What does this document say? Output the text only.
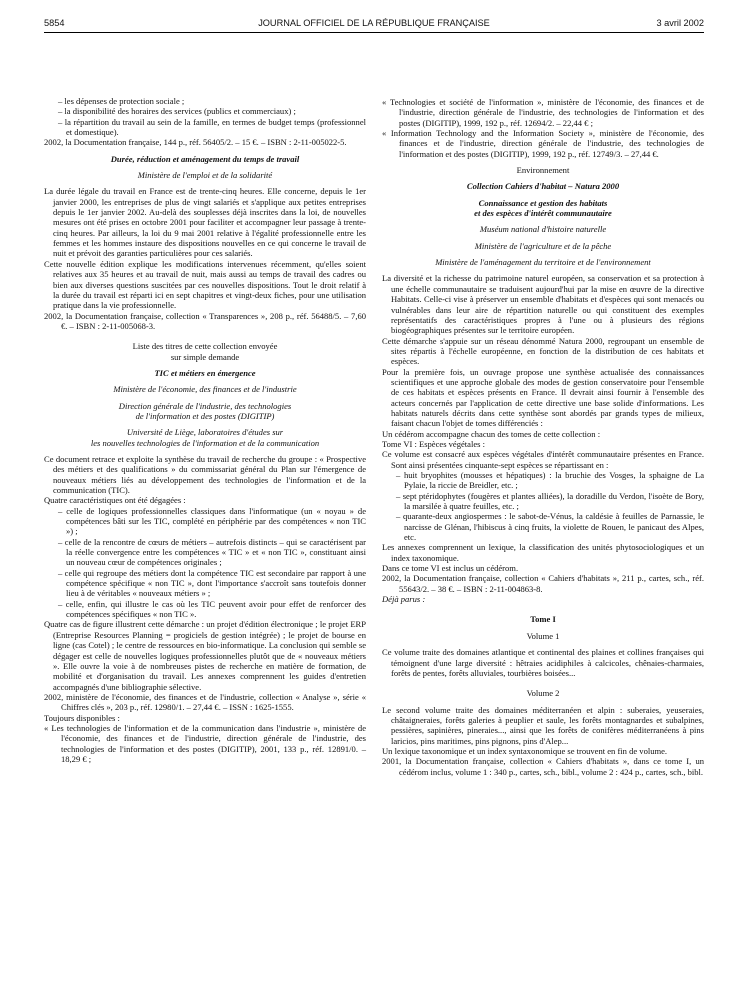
5854	JOURNAL OFFICIEL DE LA RÉPUBLIQUE FRANÇAISE	3 avril 2002

– les dépenses de protection sociale ;

– la disponibilité des horaires des services (publics et commerciaux) ;

– la répartition du travail au sein de la famille, en termes de budget temps (professionnel et domestique).

2002, la Documentation française, 144 p., réf. 56405/2. – 15 €. – ISBN : 2-11-005022-5.

Durée, réduction et aménagement du temps de travail

Ministère de l'emploi et de la solidarité

La durée légale du travail en France est de trente-cinq heures. Elle concerne, depuis le 1er janvier 2000, les entreprises de plus de vingt salariés et s'applique aux petites entreprises depuis le 1er janvier 2002. Au-delà des souplesses déjà inscrites dans la loi, de nouvelles mesures ont été prises en octobre 2001 pour faciliter et accompagner leur passage à trente-cinq heures. Par ailleurs, la loi du 9 mai 2001 relative à l'égalité professionnelle entre les femmes et les hommes instaure des dispositions nouvelles en ce qui concerne le travail de nuit et prévoit des garanties particulières pour ces salariés.

Cette nouvelle édition explique les modifications intervenues récemment, qu'elles soient relatives aux 35 heures et au travail de nuit, mais aussi au temps de travail des cadres ou bien aux diverses questions suscitées par ces nouvelles dispositions. Tout le droit relatif à la durée du travail est réparti ici en sept chapitres et vingt-deux fiches, pour une utilisation pratique dans la vie professionnelle.

2002, la Documentation française, collection « Transparences », 208 p., réf. 56488/5. – 7,60 €. – ISBN : 2-11-005068-3.

Liste des titres de cette collection envoyée

sur simple demande

TIC et métiers en émergence

Ministère de l'économie, des finances et de l'industrie

Direction générale de l'industrie, des technologies

de l'information et des postes (DIGITIP)

Université de Liège, laboratoires d'études sur

les nouvelles technologies de l'information et de la communication

Ce document retrace et exploite la synthèse du travail de recherche du groupe : « Prospective des métiers et des qualifications » du commissariat général du Plan sur l'émergence de nouveaux métiers liés au développement des technologies de l'information et de la communication (TIC).

Quatre caractéristiques ont été dégagées :

– celle de logiques professionnelles classiques dans l'informatique (un « noyau » de compétences bâti sur les TIC, complété en périphérie par des compétences « non TIC ») ;

– celle de la rencontre de cœurs de métiers – autrefois distincts – qui se caractérisent par la réelle convergence entre les compétences « TIC » et « non TIC », constituant ainsi un nouveau cœur de compétences originales ;

– celle qui regroupe des métiers dont la compétence TIC est secondaire par rapport à une compétence spécifique « non TIC », dont l'importance s'accroît sans toutefois donner lieu à de véritables « nouveaux métiers » ;

– celle, enfin, qui illustre le cas où les TIC peuvent avoir pour effet de renforcer des compétences spécifiques « non TIC ».

Quatre cas de figure illustrent cette démarche : un projet d'édition électronique ; le projet ERP (Entreprise Resources Planning = progiciels de gestion intégrée) ; le projet de bourse en ligne (cas Cotel) ; le centre de ressources en bio-informatique. La conclusion qui semble se dégager est celle de nouvelles logiques professionnelles plutôt que de « nouveaux métiers ». Elle ouvre la voie à de nombreuses pistes de recherche en matière de formation, de mobilité et d'organisation du travail. Les annexes comprennent les guides d'entretien accompagnés d'une bibliographie sélective.

2002, ministère de l'économie, des finances et de l'industrie, collection « Analyse », série « Chiffres clés », 203 p., réf. 12980/1. – 27,44 €. – ISSN : 1625-1555.

Toujours disponibles :

« Les technologies de l'information et de la communication dans l'industrie », ministère de l'économie, des finances et de l'industrie, direction générale de l'industrie, des technologies de l'information et des postes (DIGITIP), 2001, 133 p., réf. 12891/0. – 18,29 € ;

« Technologies et société de l'information », ministère de l'économie, des finances et de l'industrie, direction générale de l'industrie, des technologies de l'information et des postes (DIGITIP), 1999, 192 p., réf. 12694/2. – 22,44 € ;

« Information Technology and the Information Society », ministère de l'économie, des finances et de l'industrie, direction générale de l'industrie, des technologies de l'information et des postes (DIGITIP), 1999, 192 p., réf. 12749/3. – 27,44 €.

Environnement

Collection Cahiers d'habitat – Natura 2000

Connaissance et gestion des habitats

et des espèces d'intérêt communautaire

Muséum national d'histoire naturelle

Ministère de l'agriculture et de la pêche

Ministère de l'aménagement du territoire et de l'environnement

La diversité et la richesse du patrimoine naturel européen, sa conservation et sa protection à une échelle communautaire se traduisent aujourd'hui par la mise en œuvre de la directive Habitats. Celle-ci vise à préserver un ensemble d'habitats et d'espèces qui sont menacés ou vulnérables dans leur aire de répartition naturelle ou qui constituent des exemples représentatifs des caractéristiques propres à l'une ou à plusieurs des régions biogéographiques présentes sur le territoire européen.

Cette démarche s'appuie sur un réseau dénommé Natura 2000, regroupant un ensemble de sites répartis à l'échelle européenne, en fonction de la distribution de ces habitats et espèces.

Pour la première fois, un ouvrage propose une synthèse actualisée des connaissances scientifiques et une approche globale des modes de gestion conservatoire pour l'ensemble de ces habitats et espèces présents en France. Il devrait ainsi fournir à l'ensemble des acteurs concernés par l'application de cette directive une base solide d'informations. Les habitats naturels décrits dans cette synthèse sont abordés par grands types de milieux, faisant chacun l'objet de tomes différenciés :

Un cédérom accompagne chacun des tomes de cette collection :

Tome VI : Espèces végétales :

Ce volume est consacré aux espèces végétales d'intérêt communautaire présentes en France. Sont ainsi présentées cinquante-sept espèces se répartissant en :

– huit bryophites (mousses et hépatiques) : la bruchie des Vosges, la sphaigne de La Pylaie, la riccie de Breidler, etc. ;

– sept ptéridophytes (fougères et plantes alliées), la doradille du Verdon, l'isoète de Bory, la marsilée à quatre feuilles, etc. ;

– quarante-deux angiospermes : le sabot-de-Vénus, la caldésie à feuilles de Parnassie, le narcisse de Glénan, l'hibiscus à cinq fruits, la violette de Rouen, le panicaut des Alpes, etc.

Les annexes comprennent un lexique, la classification des unités phytosociologiques et un index taxonomique.

Dans ce tome VI est inclus un cédérom.

2002, la Documentation française, collection « Cahiers d'habitats », 211 p., cartes, sch., réf. 55643/2. – 38 €. – ISBN : 2-11-004863-8.

Déjà parus :

Tome I

Volume 1

Ce volume traite des domaines atlantique et continental des plaines et collines françaises qui témoignent d'une large diversité : hêtraies acidiphiles à calcicoles, chênaies-charmaies, forêts de pentes, forêts alluviales, tourbières boisées...

Volume 2

Le second volume traite des domaines méditerranéen et alpin : suberaies, yeuseraies, châtaigneraies, forêts galeries à peuplier et saule, les forêts montagnardes et subalpines, pessières, sapinières, pineraies..., ainsi que les forêts de conifères méditerranéens à pins laricios, pins maritimes, pins pignons, pins d'Alep...

Un lexique taxonomique et un index syntaxonomique se trouvent en fin de volume.

2001, la Documentation française, collection « Cahiers d'habitats », dans ce tome I, un cédérom inclus, volume 1 : 340 p., cartes, sch., bibl., volume 2 : 424 p., cartes, sch., bibl.
